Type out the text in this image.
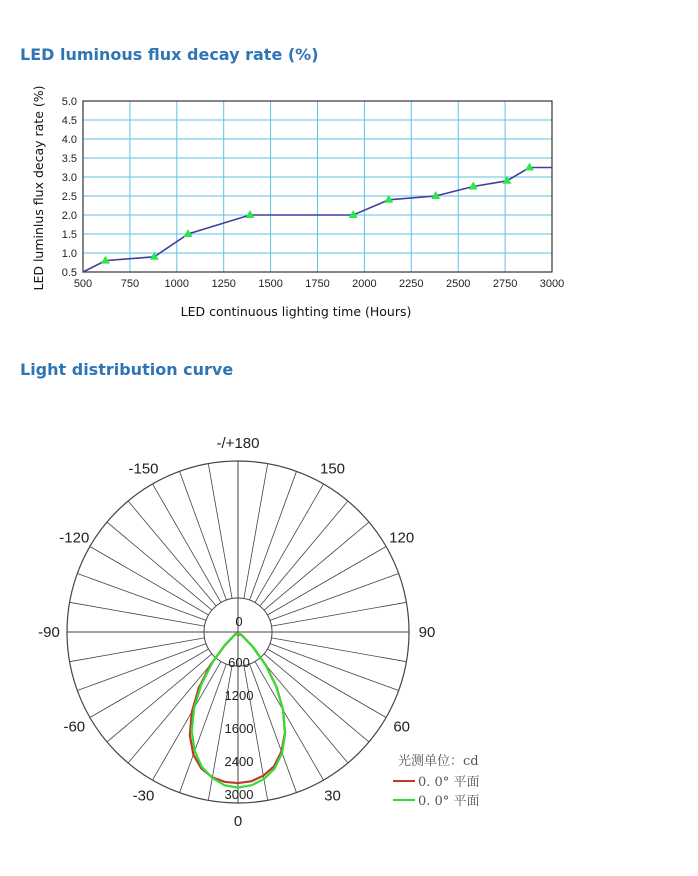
LED luminous flux decay rate (%)
500	750 1000 1250 1500 1750 2000 2250 2500 2750 3000
0.5
1.0
1.5
2.0
2.5
3.0
3.5
4.0
4.5
5.0
LED continuous lighting time (Hours)
LED luminlus flux decay rate (%)
Light distribution curve
-/+180
150
-150
120
-120
90
-90
60
-60
30
-30
0
0
600
1200
1600
2400
3000
光测单位：cd
0. 0° 平面
0. 0° 平面
